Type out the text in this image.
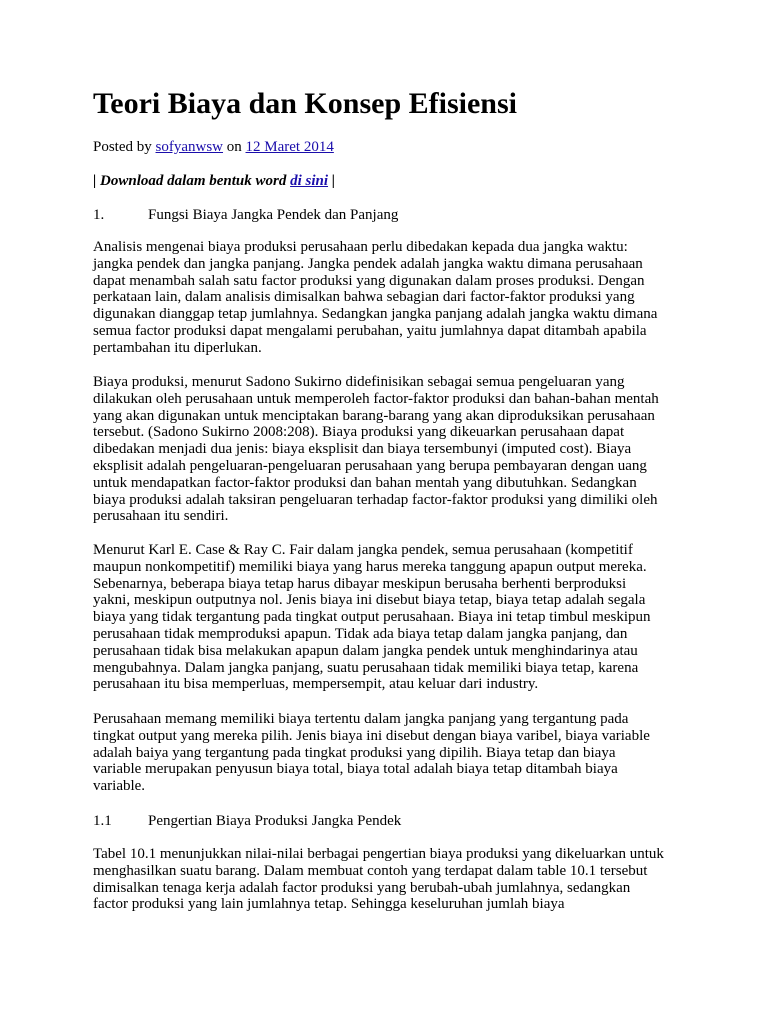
Teori Biaya dan Konsep Efisiensi
Posted by sofyanwsw on 12 Maret 2014
| Download dalam bentuk word di sini |
1.	Fungsi Biaya Jangka Pendek dan Panjang

Analisis mengenai biaya produksi perusahaan perlu dibedakan kepada dua jangka waktu: jangka pendek dan jangka panjang. Jangka pendek adalah jangka waktu dimana perusahaan dapat menambah salah satu factor produksi yang digunakan dalam proses produksi. Dengan perkataan lain, dalam analisis dimisalkan bahwa sebagian dari factor-faktor produksi yang digunakan dianggap tetap jumlahnya. Sedangkan jangka panjang adalah jangka waktu dimana semua factor produksi dapat mengalami perubahan, yaitu jumlahnya dapat ditambah apabila pertambahan itu diperlukan.

Biaya produksi, menurut Sadono Sukirno didefinisikan sebagai semua pengeluaran yang dilakukan oleh perusahaan untuk memperoleh factor-faktor produksi dan bahan-bahan mentah yang akan digunakan untuk menciptakan barang-barang yang akan diproduksikan perusahaan tersebut. (Sadono Sukirno 2008:208). Biaya produksi yang dikeuarkan perusahaan dapat dibedakan menjadi dua jenis: biaya eksplisit dan biaya tersembunyi (imputed cost). Biaya eksplisit adalah pengeluaran-pengeluaran perusahaan yang berupa pembayaran dengan uang untuk mendapatkan factor-faktor produksi dan bahan mentah yang dibutuhkan. Sedangkan biaya produksi adalah taksiran pengeluaran terhadap factor-faktor produksi yang dimiliki oleh perusahaan itu sendiri.

Menurut Karl E. Case & Ray C. Fair dalam jangka pendek, semua perusahaan (kompetitif maupun nonkompetitif) memiliki biaya yang harus mereka tanggung apapun output mereka. Sebenarnya, beberapa biaya tetap harus dibayar meskipun berusaha berhenti berproduksi yakni, meskipun outputnya nol. Jenis biaya ini disebut biaya tetap, biaya tetap adalah segala biaya yang tidak tergantung pada tingkat output perusahaan. Biaya ini tetap timbul meskipun perusahaan tidak memproduksi apapun. Tidak ada biaya tetap dalam jangka panjang, dan perusahaan tidak bisa melakukan apapun dalam jangka pendek untuk menghindarinya atau mengubahnya. Dalam jangka panjang, suatu perusahaan tidak memiliki biaya tetap, karena perusahaan itu bisa memperluas, mempersempit, atau keluar dari industry.

Perusahaan memang memiliki biaya tertentu dalam jangka panjang yang tergantung pada tingkat output yang mereka pilih. Jenis biaya ini disebut dengan biaya varibel, biaya variable adalah baiya yang tergantung pada tingkat produksi yang dipilih. Biaya tetap dan biaya variable merupakan penyusun biaya total, biaya total adalah biaya tetap ditambah biaya variable.

1.1 Pengertian Biaya Produksi Jangka Pendek

Tabel 10.1 menunjukkan nilai-nilai berbagai pengertian biaya produksi yang dikeluarkan untuk menghasilkan suatu barang. Dalam membuat contoh yang terdapat dalam table 10.1 tersebut dimisalkan tenaga kerja adalah factor produksi yang berubah-ubah jumlahnya, sedangkan factor produksi yang lain jumlahnya tetap. Sehingga keseluruhan jumlah biaya
